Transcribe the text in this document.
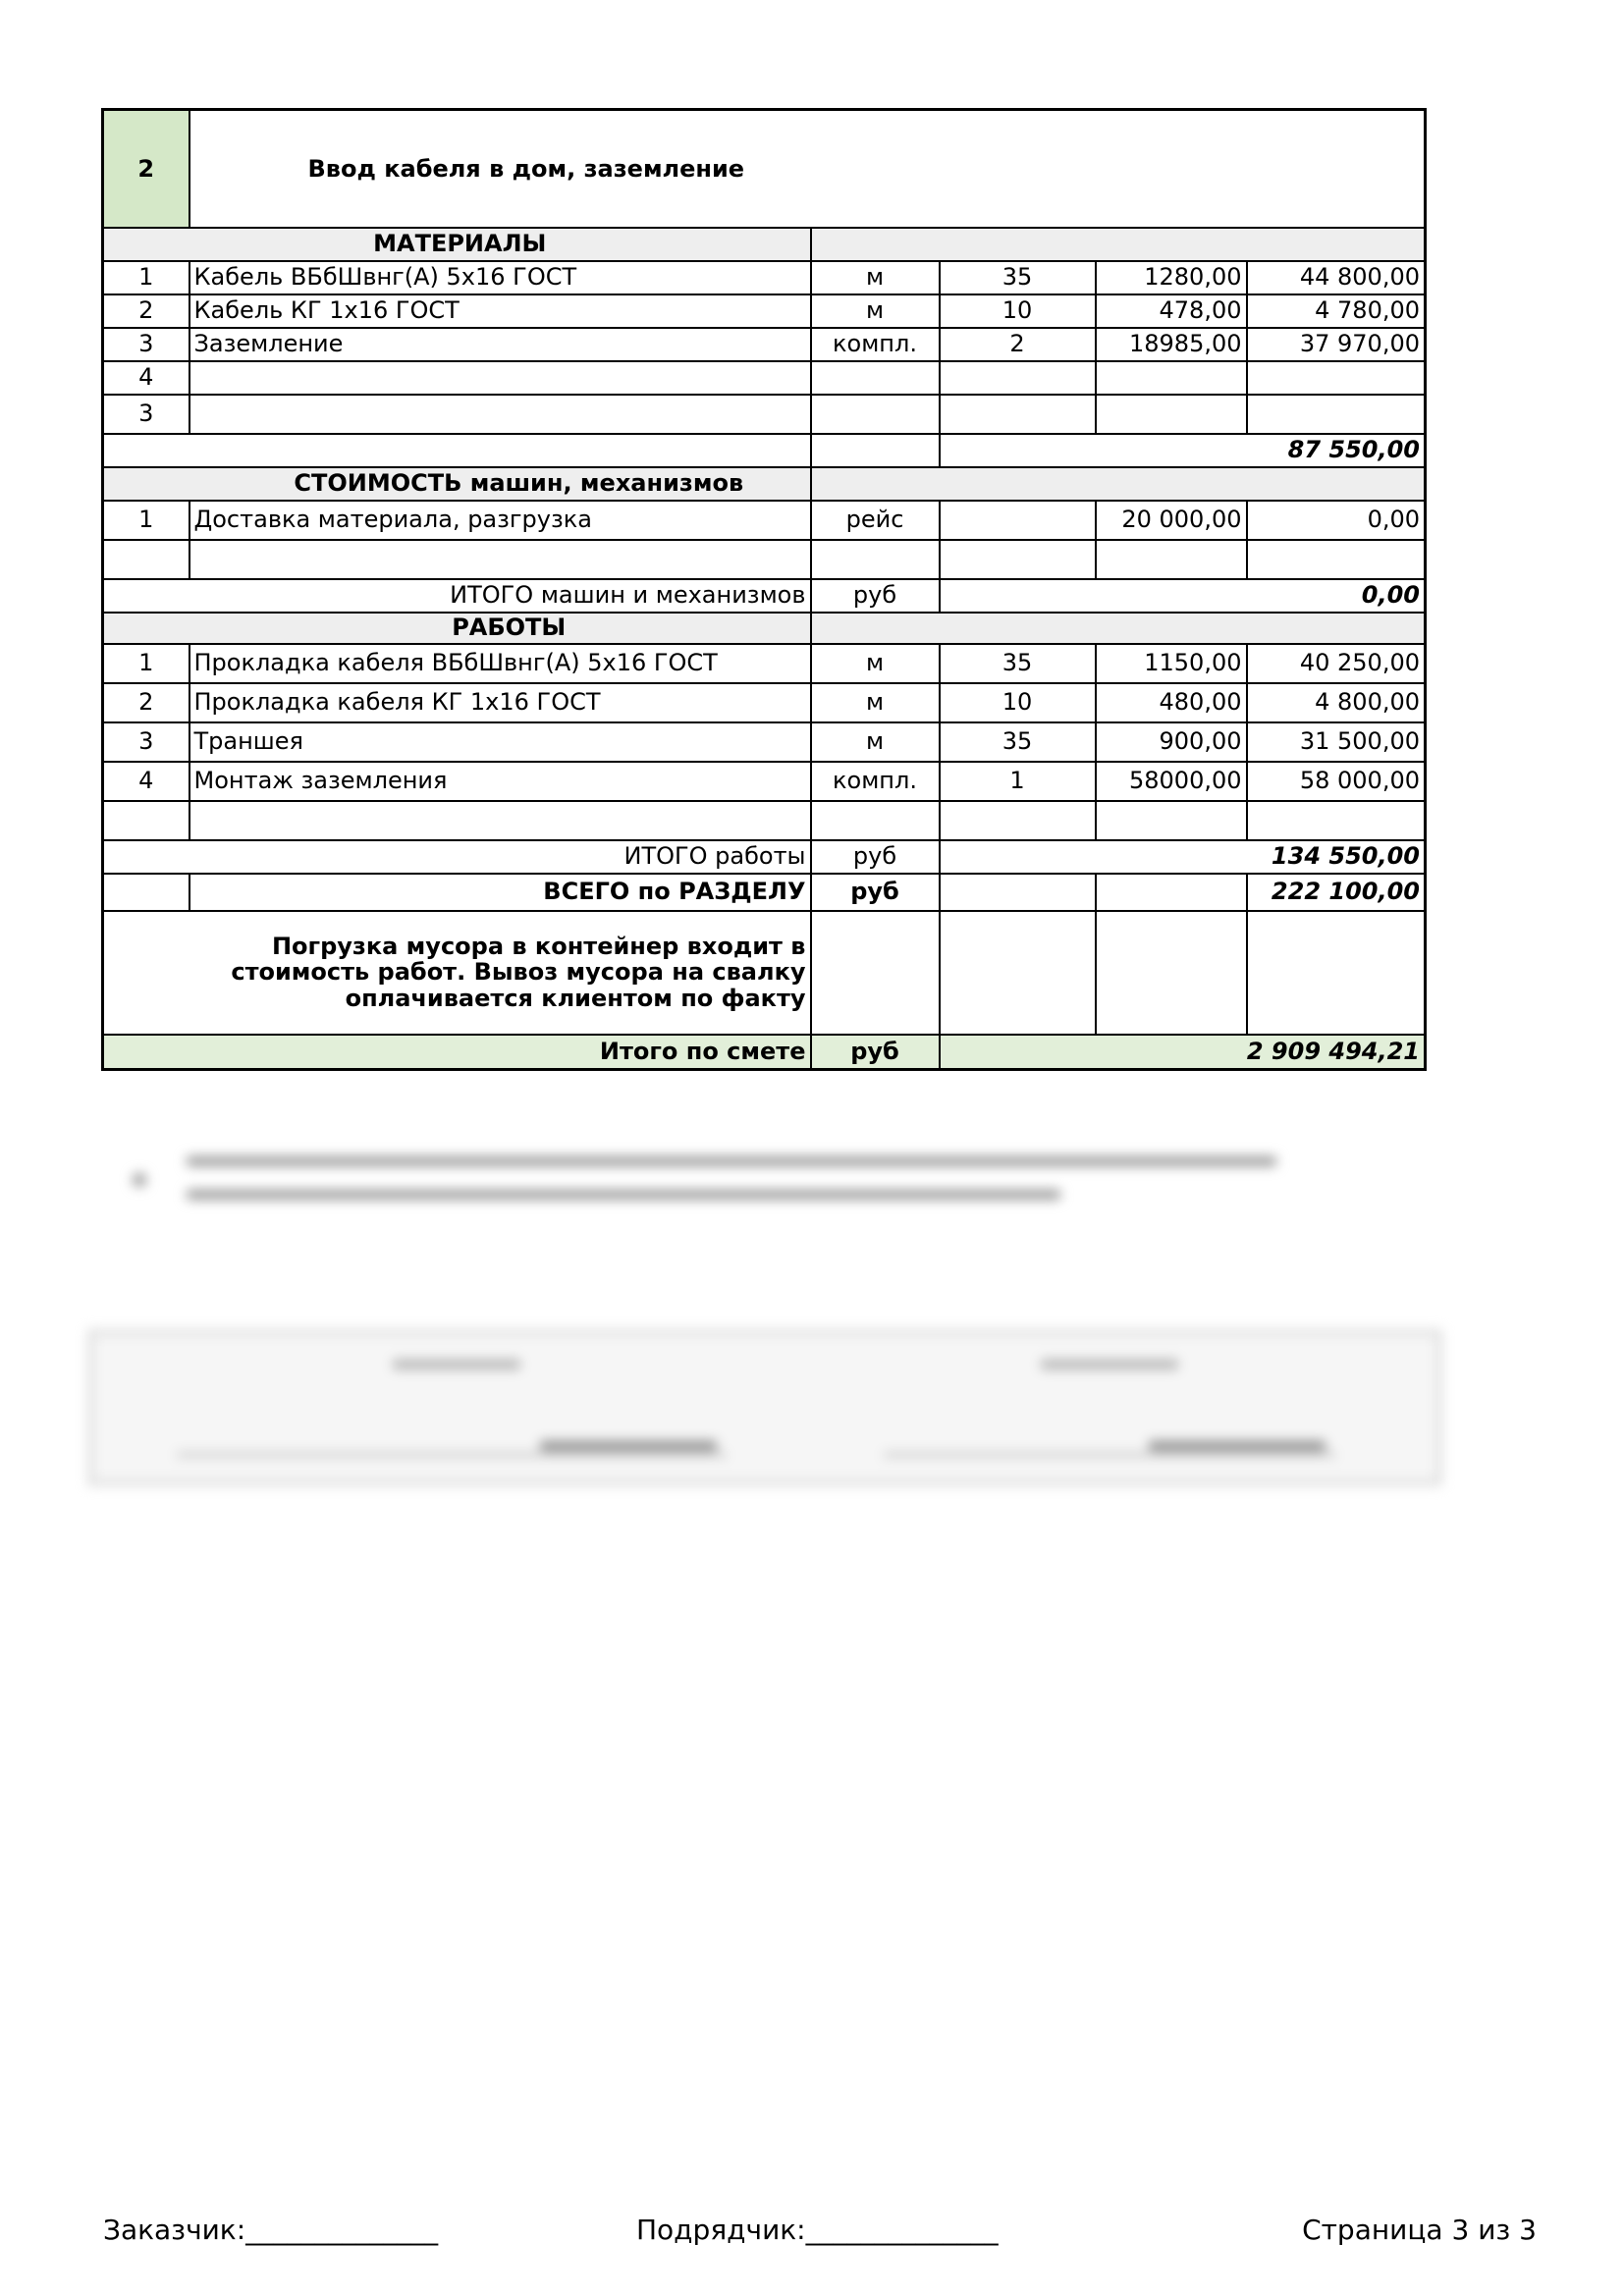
2	Ввод кабеля в дом, заземление				
МАТЕРИАЛЫ					
1	Кабель ВБбШвнг(А) 5х16 ГОСТ	м	35	1280,00	44 800,00
2	Кабель КГ 1х16 ГОСТ	м	10	478,00	4 780,00
3	Заземление	компл.	2	18985,00	37 970,00
4					
3					
			87 550,00		
СТОИМОСТЬ машин, механизмов					
1	Доставка материала, разгрузка	рейс		20 000,00	0,00

ИТОГО машин и механизмов		руб	0,00		
РАБОТЫ					
1	Прокладка кабеля ВБбШвнг(А) 5х16 ГОСТ	м	35	1150,00	40 250,00
2	Прокладка кабеля КГ 1х16 ГОСТ	м	10	480,00	4 800,00
3	Траншея	м	35	900,00	31 500,00
4	Монтаж заземления	компл.	1	58000,00	58 000,00

ИТОГО работы		руб	134 550,00		
	ВСЕГО по РАЗДЕЛУ	руб			222 100,00
Погрузка мусора в контейнер входит в стоимость работ. Вывоз мусора на свалку оплачивается клиентом по факту					
Итого по смете		руб	2 909 494,21		
Заказчик:______________	Подрядчик:______________	Страница 3 из 3
